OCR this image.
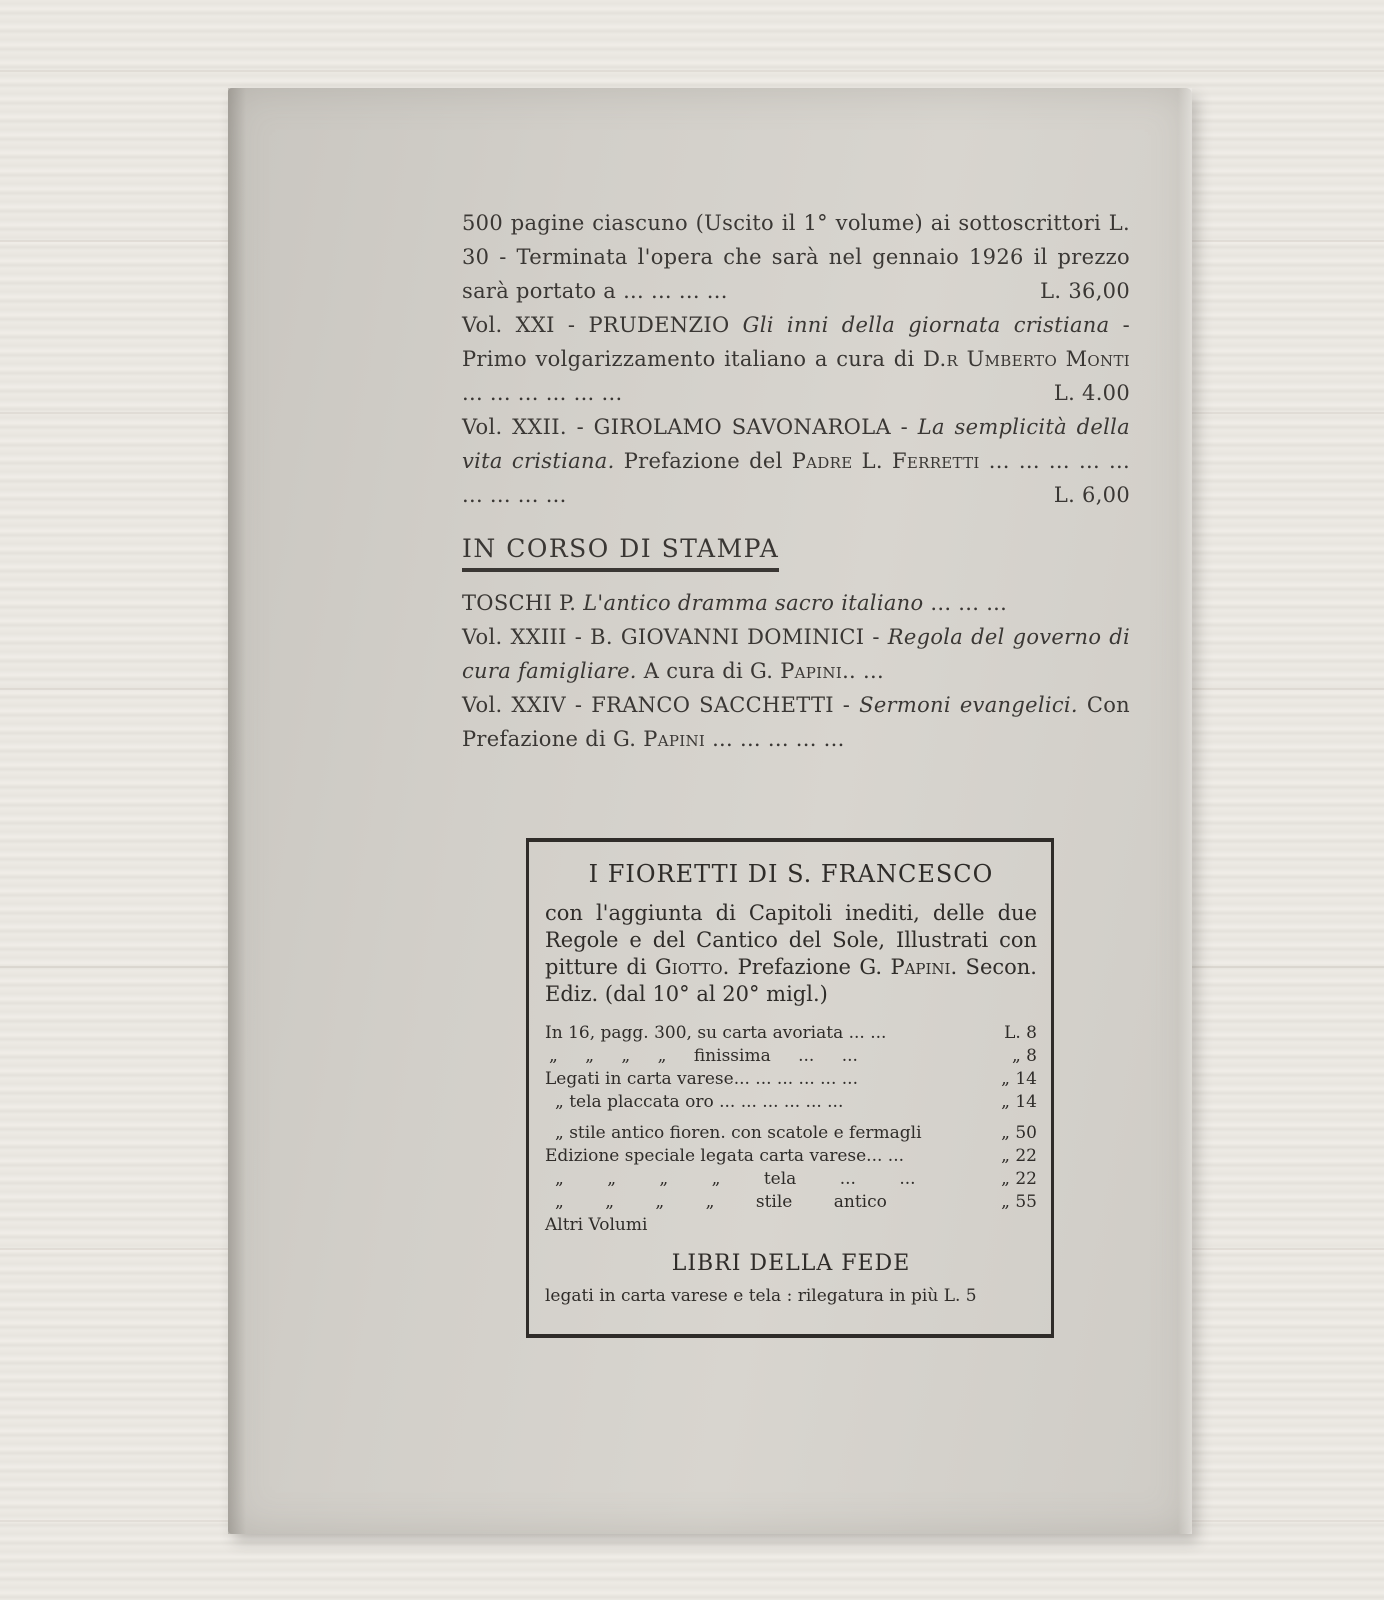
500 pagine ciascuno (Uscito il 1° volume) ai sottoscrittori L. 30 - Terminata l'opera che sarà nel gennaio 1926 il prezzo sarà portato a ... ... ... ...	L. 36,00

Vol. XXI - PRUDENZIO Gli inni della giornata cristiana - Primo volgarizzamento italiano a cura di D.r Umberto Monti ... ... ... ... ... ...	L. 4.00

Vol. XXII. - GIROLAMO SAVONAROLA - La semplicità della vita cristiana. Prefazione del Padre L. Ferretti ... ... ... ... ... ... ... ... ...	L. 6,00

IN CORSO DI STAMPA

TOSCHI P. L'antico dramma sacro italiano ... ... ...

Vol. XXIII - B. GIOVANNI DOMINICI - Regola del governo di cura famigliare. A cura di G. Papini.. ...

Vol. XXIV - FRANCO SACCHETTI - Sermoni evangelici. Con Prefazione di G. Papini ... ... ... ... ...

I FIORETTI DI S. FRANCESCO
con l'aggiunta di Capitoli inediti, delle due Regole e del Cantico del Sole, Illustrati con pitture di Giotto. Prefazione G. Papini. Secon. Ediz. (dal 10° al 20° migl.)
In 16, pagg. 300, su carta avoriata ... ...	L. 8
„ „ „ „ finissima ... ...	„ 8
Legati in carta varese... ... ... ... ... ...	„ 14
„ tela placcata oro ... ... ... ... ... ...	„ 14
„ stile antico fioren. con scatole e fermagli	„ 50
Edizione speciale legata carta varese... ...	„ 22
„ „ „ „ tela ... ...	„ 22
„ „ „ „ stile antico	„ 55
Altri Volumi
LIBRI DELLA FEDE
legati in carta varese e tela : rilegatura in più L. 5
